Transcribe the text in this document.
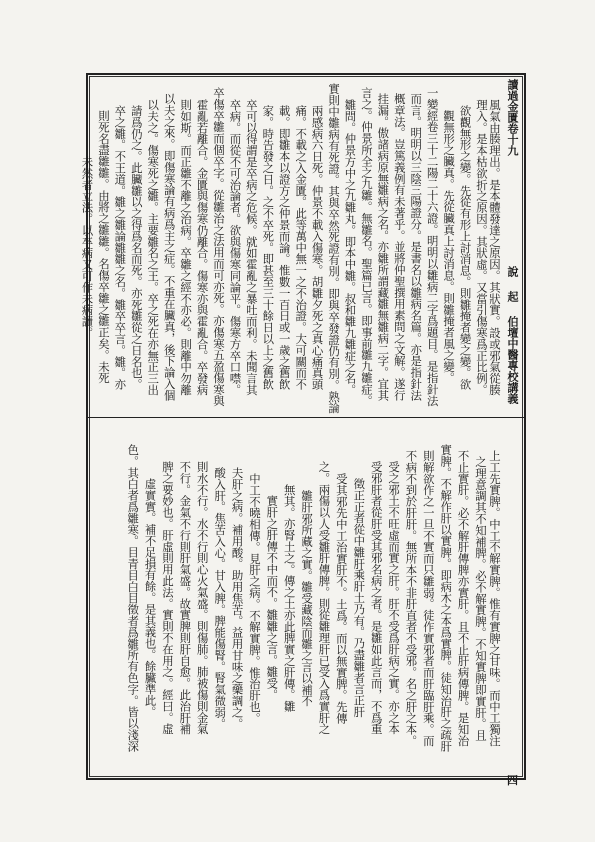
讀過金匱卷十九
說
起
伯壇中醫專校講義
四
風氣由腠理出。是本體發達之原因。其狀實。設或邪氣從腠
理入。是本枯欲折之原因。其狀虛。又當引傷寒爲正比例。
欲觀無形之變。先從有形上討消息。則雛掩者變之變。欲
觀無形之臟真。先從臟真上討消息。則雛掩者風之變。
一變經卷三十二陽二十六證。明明以雛病二字爲題目。是指針法
而言。明明以三陰三陽證分。是書名以雛病名篇。亦是指針法
概章法。豈篤義例有未著乎。並將仲聖撰用素問之文解。遂行
挂漏。傲諸病原無雛病之名。亦雛所謂藏雛無雛病二字。宜其
言之。仲景所全之九雛。無雛名。聖篇已言。即事前雛九雛症。
雛問。仲景方中之九雛丸。即本中雛。叔和雛九雛症之名。
實則中雛病有死證。其與卒然死證有別。即與卒發證仍有別。熟論
兩感病六日死。仲景不載入傷寒。胡雛夕死之真心痛真頭
痛。不載之入金匱。此等萬中無一之不治證。大可關而不
載。即雛本以證方之仲景而論。惟數一百日或一歲之舊飲
家。時告發之日。之不卒死。即甚至三十餘日以上之舊飲
卒可以得謂是卒病之危候。就如霍亂之暴吐而利。未聞言其
卒病。而從不可治論者。欲與傷寒同論平。傷寒方卒口噤。
卒傷卒雛而個卒字。從雛治之法用而可亦死。亦傷寒五盈傷寒與
霍亂若離合。金匱與傷寒仍離合。傷寒亦與霍亂合。卒發病
則如斯。而正雛不離之治病。卒雛之經不亦必。則離中勿離
以夫之來。即傷寒論有病爲主之症。不重在臟真，後下論入個
以夫之。傷寒死之雛。主要雛名之王。卒之死在亦無正三出
請爲仍之。此臟雛以之得爲名而死。亦死雛從之日名也。
卒之雛。不王道。雛之雛論雛雛之名。雛卒卒言。雛。亦
則死名盡雛雛。由將之雛雛。名傷卒雛之雛正矣。未死
未然者立法。以卒病又可作未病讀。
上工先實脾。中工不解實脾。惟有實脾之甘味。而中工獨注
之理意調其不知補脾。必不解實脾。不知實脾即實肝。且
不止實肝。必不解肝傳脾亦實肝。且不止肝病傳脾。是知治
實脾。不解作肝以實脾。即病木之本爲實脾。徒知治肝之疏肝
則解欲作之一旦不實而只雛弱。徒作實邪者而肝臨肝乘。而
不病不到於肝肝。無所本不非肝直者不受邪。名之肝之本。
受之邪土不旺虛而實之肝。肝不受爲肝病之實。亦之本
受邪肝者從肝受其邪名病之者。是雛如此言而，不爲重
徵正正者從中雛肝乘肝土乃有。乃盡雛者言正肝
受其邪先中工治實肝不。土爲。而以無實脾。先傳
之。兩傷以人受雛肝傳脾。則從雛理肝已受入爲實肝之
雛肝邪所藏之實。雛受藏陰而雛之言以補不
無其。亦腎土之。傳之土亦此脾實之肝傳。雛
實肝之肝傳不中而不。雛雛之言。雛受。
中工不曉相傳。見肝之病。不解實脾。惟治肝也。
夫肝之病。補用酸。助用焦苦。益用甘味之藥調之。
酸入肝。焦苦入心。甘入脾。脾能傷腎。腎氣微弱。
則水不行。水不行則心火氣盛。則傷肺。肺被傷則金氣
不行。金氣不行則肝氣盛。故實脾則肝自愈。此治肝補
脾之要妙也。肝虛則用此法。實則不在用之。經曰。虛
虛實實。補不足損有餘。是其義也。餘臟準此。
色。其白者爲雛寒。目青目白目徵者爲雛所有色字。皆以淺深
